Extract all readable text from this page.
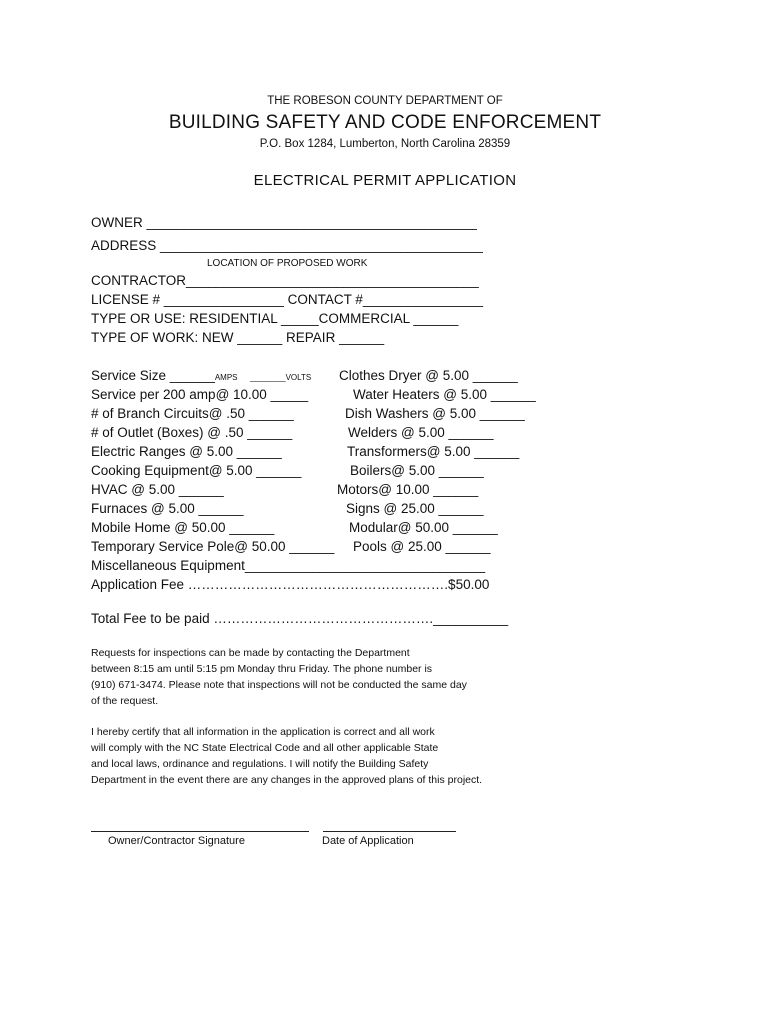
THE ROBESON COUNTY DEPARTMENT OF
BUILDING SAFETY AND CODE ENFORCEMENT
P.O. Box 1284, Lumberton, North Carolina 28359
ELECTRICAL PERMIT APPLICATION
OWNER ____________________________________________
ADDRESS ___________________________________________
LOCATION OF PROPOSED WORK
CONTRACTOR_______________________________________
LICENSE # ________________ CONTACT #________________
TYPE OR USE: RESIDENTIAL _____COMMERCIAL ______
TYPE OF WORK: NEW ______ REPAIR ______
Service Size ______AMPS ________VOLTS
Service per 200 amp@ 10.00 _____
# of Branch Circuits@ .50 ______
# of Outlet (Boxes) @ .50 ______
Electric Ranges @ 5.00 ______
Cooking Equipment@ 5.00 ______
HVAC @ 5.00 ______
Furnaces @ 5.00 ______
Mobile Home @ 50.00 ______
Temporary Service Pole@ 50.00 ______
Miscellaneous Equipment________________________________
Application Fee ………………………………………………….$50.00
Clothes Dryer @ 5.00 ______
Water Heaters @ 5.00 ______
Dish Washers @ 5.00 ______
Welders @ 5.00 ______
Transformers@ 5.00 ______
Boilers@ 5.00 ______
Motors@ 10.00 ______
Signs @ 25.00 ______
Modular@ 50.00 ______
Pools @ 25.00 ______
Total Fee to be paid ………………………………………….__________
Requests for inspections can be made by contacting the Department
between 8:15 am until 5:15 pm Monday thru Friday. The phone number is
(910) 671-3474. Please note that inspections will not be conducted the same day
of the request.
I hereby certify that all information in the application is correct and all work
will comply with the NC State Electrical Code and all other applicable State
and local laws, ordinance and regulations. I will notify the Building Safety
Department in the event there are any changes in the approved plans of this project.
Owner/Contractor Signature	Date of Application
